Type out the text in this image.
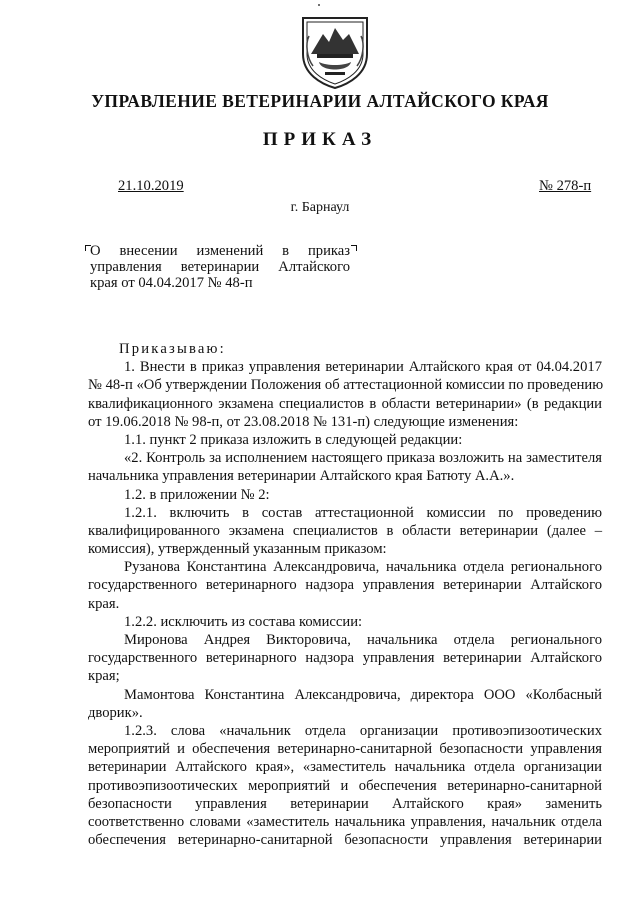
УПРАВЛЕНИЕ ВЕТЕРИНАРИИ АЛТАЙСКОГО КРАЯ
ПРИКАЗ
21.10.2019	№ 278-п
г. Барнаул
О внесении изменений в приказ
управления ветеринарии Алтайского
края от 04.04.2017 № 48-п
Приказываю:
1. Внести в приказ управления ветеринарии Алтайского края от 04.04.2017
№ 48-п «Об утверждении Положения об аттестационной комиссии по проведению
квалификационного экзамена специалистов в области ветеринарии» (в редакции
от 19.06.2018 № 98-п, от 23.08.2018 № 131-п) следующие изменения:
1.1. пункт 2 приказа изложить в следующей редакции:
«2. Контроль за исполнением настоящего приказа возложить на заместителя
начальника управления ветеринарии Алтайского края Батюту А.А.».
1.2. в приложении № 2:
1.2.1. включить в состав аттестационной комиссии по проведению
квалифицированного экзамена специалистов в области ветеринарии (далее –
комиссия), утвержденный указанным приказом:
Рузанова Константина Александровича, начальника отдела регионального
государственного ветеринарного надзора управления ветеринарии Алтайского
края.
1.2.2. исключить из состава комиссии:
Миронова Андрея Викторовича, начальника отдела регионального
государственного ветеринарного надзора управления ветеринарии Алтайского
края;
Мамонтова Константина Александровича, директора ООО «Колбасный
дворик».
1.2.3. слова «начальник отдела организации противоэпизоотических
мероприятий и обеспечения ветеринарно-санитарной безопасности управления
ветеринарии Алтайского края», «заместитель начальника отдела организации
противоэпизоотических мероприятий и обеспечения ветеринарно-санитарной
безопасности управления ветеринарии Алтайского края» заменить
соответственно словами «заместитель начальника управления, начальник отдела
обеспечения ветеринарно-санитарной безопасности управления ветеринарии
